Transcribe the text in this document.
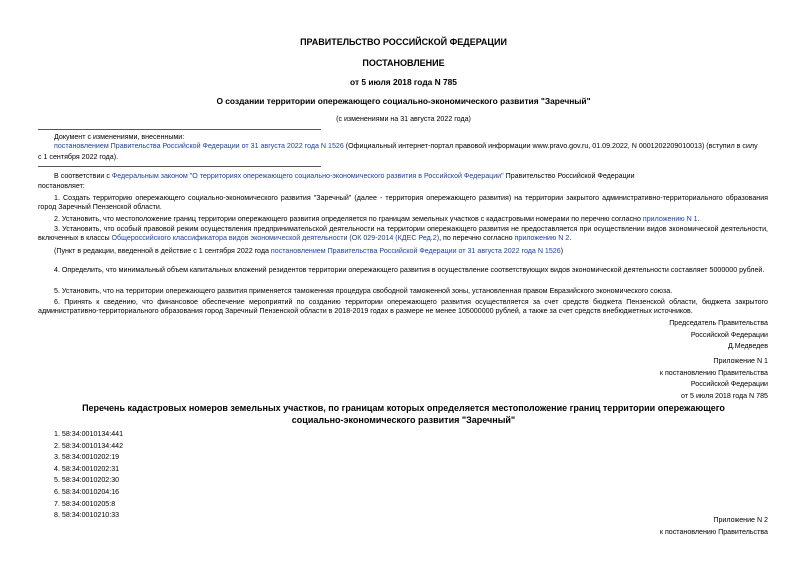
ПРАВИТЕЛЬСТВО РОССИЙСКОЙ ФЕДЕРАЦИИ
ПОСТАНОВЛЕНИЕ
от 5 июля 2018 года N 785
О создании территории опережающего социально-экономического развития "Заречный"
(с изменениями на 31 августа 2022 года)
Документ с изменениями, внесенными:
постановлением Правительства Российской Федерации от 31 августа 2022 года N 1526 (Официальный интернет-портал правовой информации www.pravo.gov.ru, 01.09.2022, N 0001202209010013) (вступил в силу
с 1 сентября 2022 года).
В соответствии с Федеральным законом "О территориях опережающего социально-экономического развития в Российской Федерации" Правительство Российской Федерации
постановляет:
1. Создать территорию опережающего социально-экономического развития "Заречный" (далее - территория опережающего развития) на территории закрытого административно-территориального образования город Заречный Пензенской области.
2. Установить, что местоположение границ территории опережающего развития определяется по границам земельных участков с кадастровыми номерами по перечню согласно приложению N 1.
3. Установить, что особый правовой режим осуществления предпринимательской деятельности на территории опережающего развития не предоставляется при осуществлении видов экономической деятельности, включенных в классы Общероссийского классификатора видов экономической деятельности (ОК 029-2014 (КДЕС Ред.2), по перечню согласно приложению N 2.
(Пункт в редакции, введенной в действие с 1 сентября 2022 года постановлением Правительства Российской Федерации от 31 августа 2022 года N 1526)
4. Определить, что минимальный объем капитальных вложений резидентов территории опережающего развития в осуществление соответствующих видов экономической деятельности составляет 5000000 рублей.
5. Установить, что на территории опережающего развития применяется таможенная процедура свободной таможенной зоны, установленная правом Евразийского экономического союза.
6. Принять к сведению, что финансовое обеспечение мероприятий по созданию территории опережающего развития осуществляется за счет средств бюджета Пензенской области, бюджета закрытого административно-территориального образования город Заречный Пензенской области в 2018-2019 годах в размере не менее 105000000 рублей, а также за счет средств внебюджетных источников.
Председатель Правительства
Российской Федерации
Д.Медведев
Приложение N 1
к постановлению Правительства
Российской Федерации
от 5 июля 2018 года N 785
Перечень кадастровых номеров земельных участков, по границам которых определяется местоположение границ территории опережающего социально-экономического развития "Заречный"
1. 58:34:0010134:441
2. 58:34:0010134:442
3. 58:34:0010202:19
4. 58:34:0010202:31
5. 58:34:0010202:30
6. 58:34:0010204:16
7. 58:34:0010205:8
8. 58:34:0010210:33
Приложение N 2
к постановлению Правительства
